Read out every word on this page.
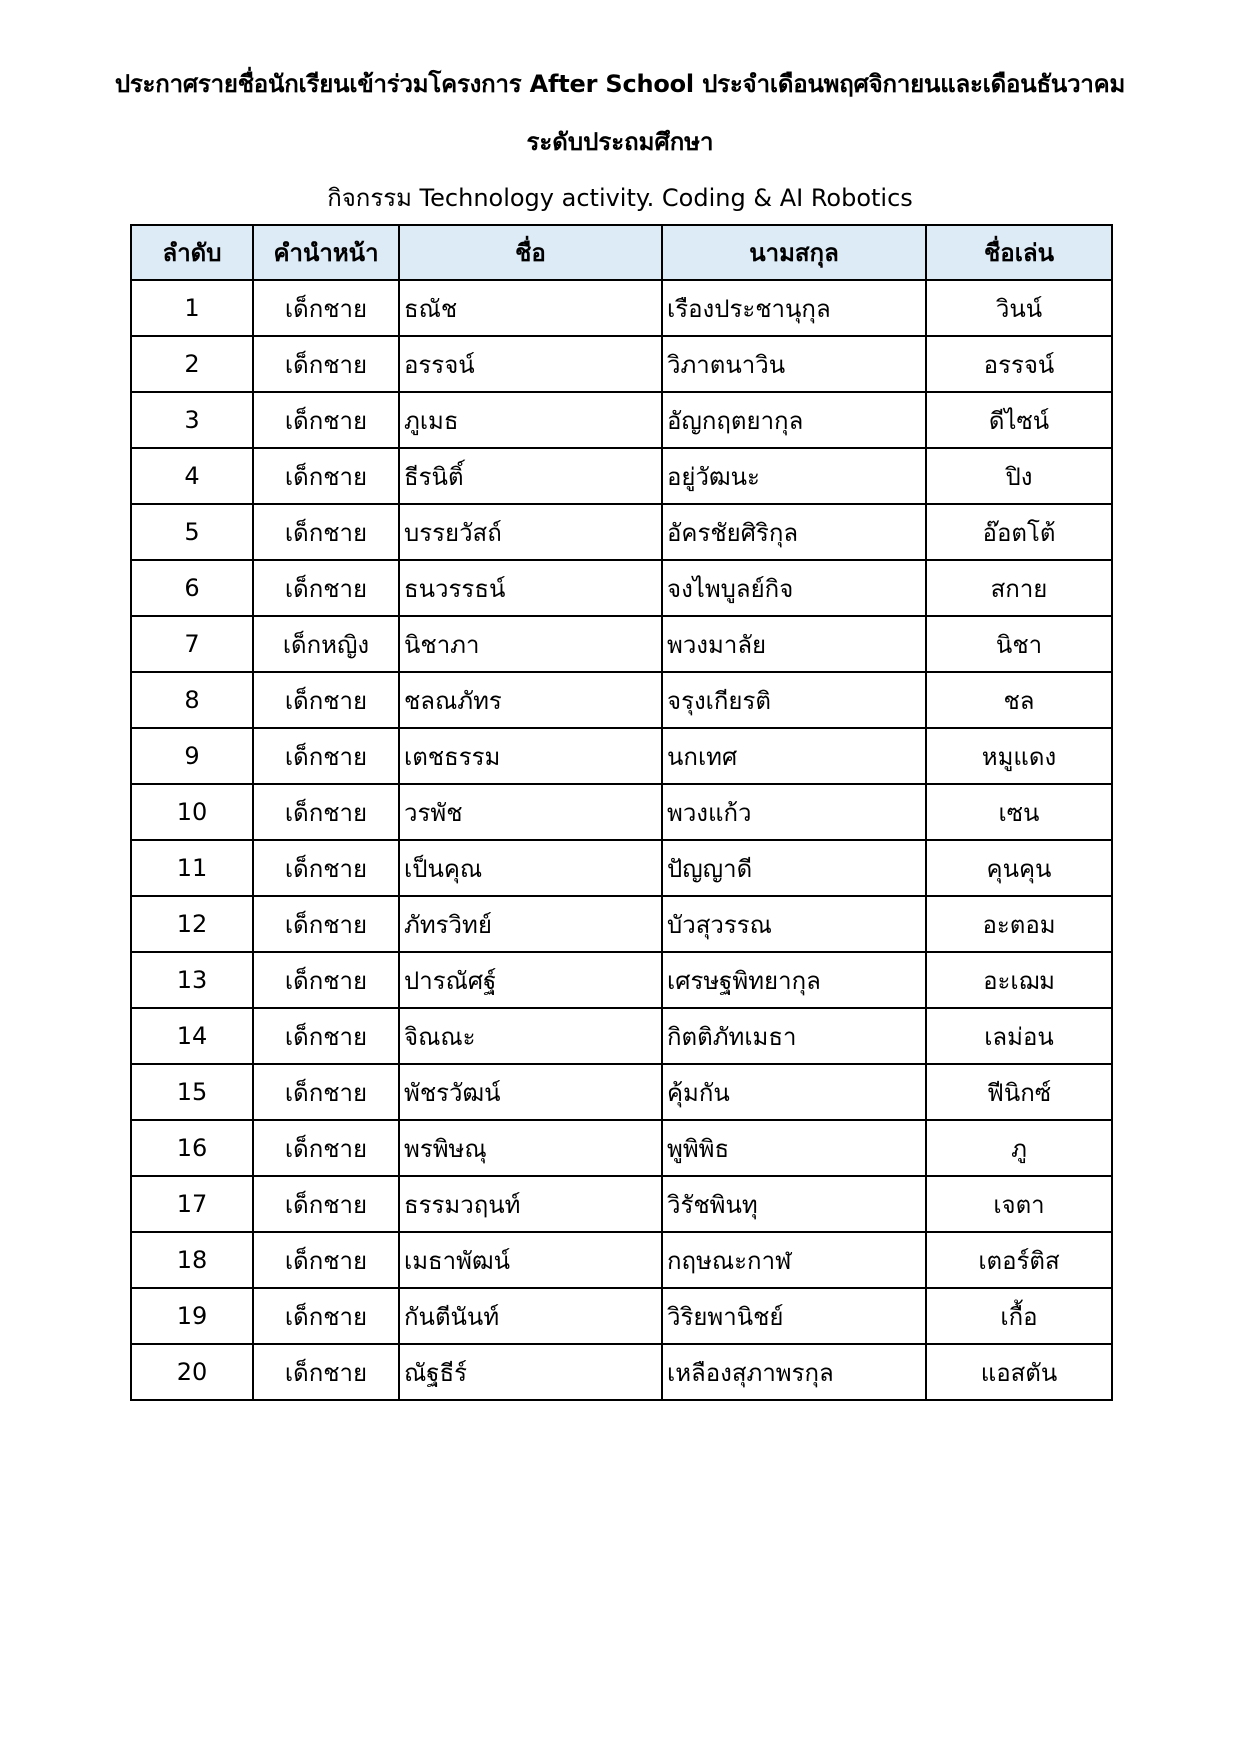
ประกาศรายชื่อนักเรียนเข้าร่วมโครงการ After School ประจำเดือนพฤศจิกายนและเดือนธันวาคม
ระดับประถมศึกษา
กิจกรรม Technology activity. Coding & AI Robotics
ลำดับ	คำนำหน้า	ชื่อ	นามสกุล	ชื่อเล่น
1	เด็กชาย	ธณัช	เรืองประชานุกุล	วินน์
2	เด็กชาย	อรรจน์	วิภาตนาวิน	อรรจน์
3	เด็กชาย	ภูเมธ	อัญกฤตยากุล	ดีไซน์
4	เด็กชาย	ธีรนิติ์	อยู่วัฒนะ	ปิง
5	เด็กชาย	บรรยวัสถ์	อัครชัยศิริกุล	อ๊อตโต้
6	เด็กชาย	ธนวรรธน์	จงไพบูลย์กิจ	สกาย
7	เด็กหญิง	นิชาภา	พวงมาลัย	นิชา
8	เด็กชาย	ชลณภัทร	จรุงเกียรติ	ชล
9	เด็กชาย	เตชธรรม	นกเทศ	หมูแดง
10	เด็กชาย	วรพัช	พวงแก้ว	เซน
11	เด็กชาย	เป็นคุณ	ปัญญาดี	คุนคุน
12	เด็กชาย	ภัทรวิทย์	บัวสุวรรณ	อะตอม
13	เด็กชาย	ปารณัศฐ์	เศรษฐพิทยากุล	อะเฌม
14	เด็กชาย	จิณณะ	กิตติภัทเมธา	เลม่อน
15	เด็กชาย	พัชรวัฒน์	คุ้มกัน	ฟีนิกซ์
16	เด็กชาย	พรพิษณุ	พูพิพิธ	ภู
17	เด็กชาย	ธรรมวฤนท์	วิรัชพินทุ	เจตา
18	เด็กชาย	เมธาพัฒน์	กฤษณะกาฬ	เตอร์ติส
19	เด็กชาย	กันตีนันท์	วิริยพานิชย์	เกื้อ
20	เด็กชาย	ณัฐธีร์	เหลืองสุภาพรกุล	แอสตัน
